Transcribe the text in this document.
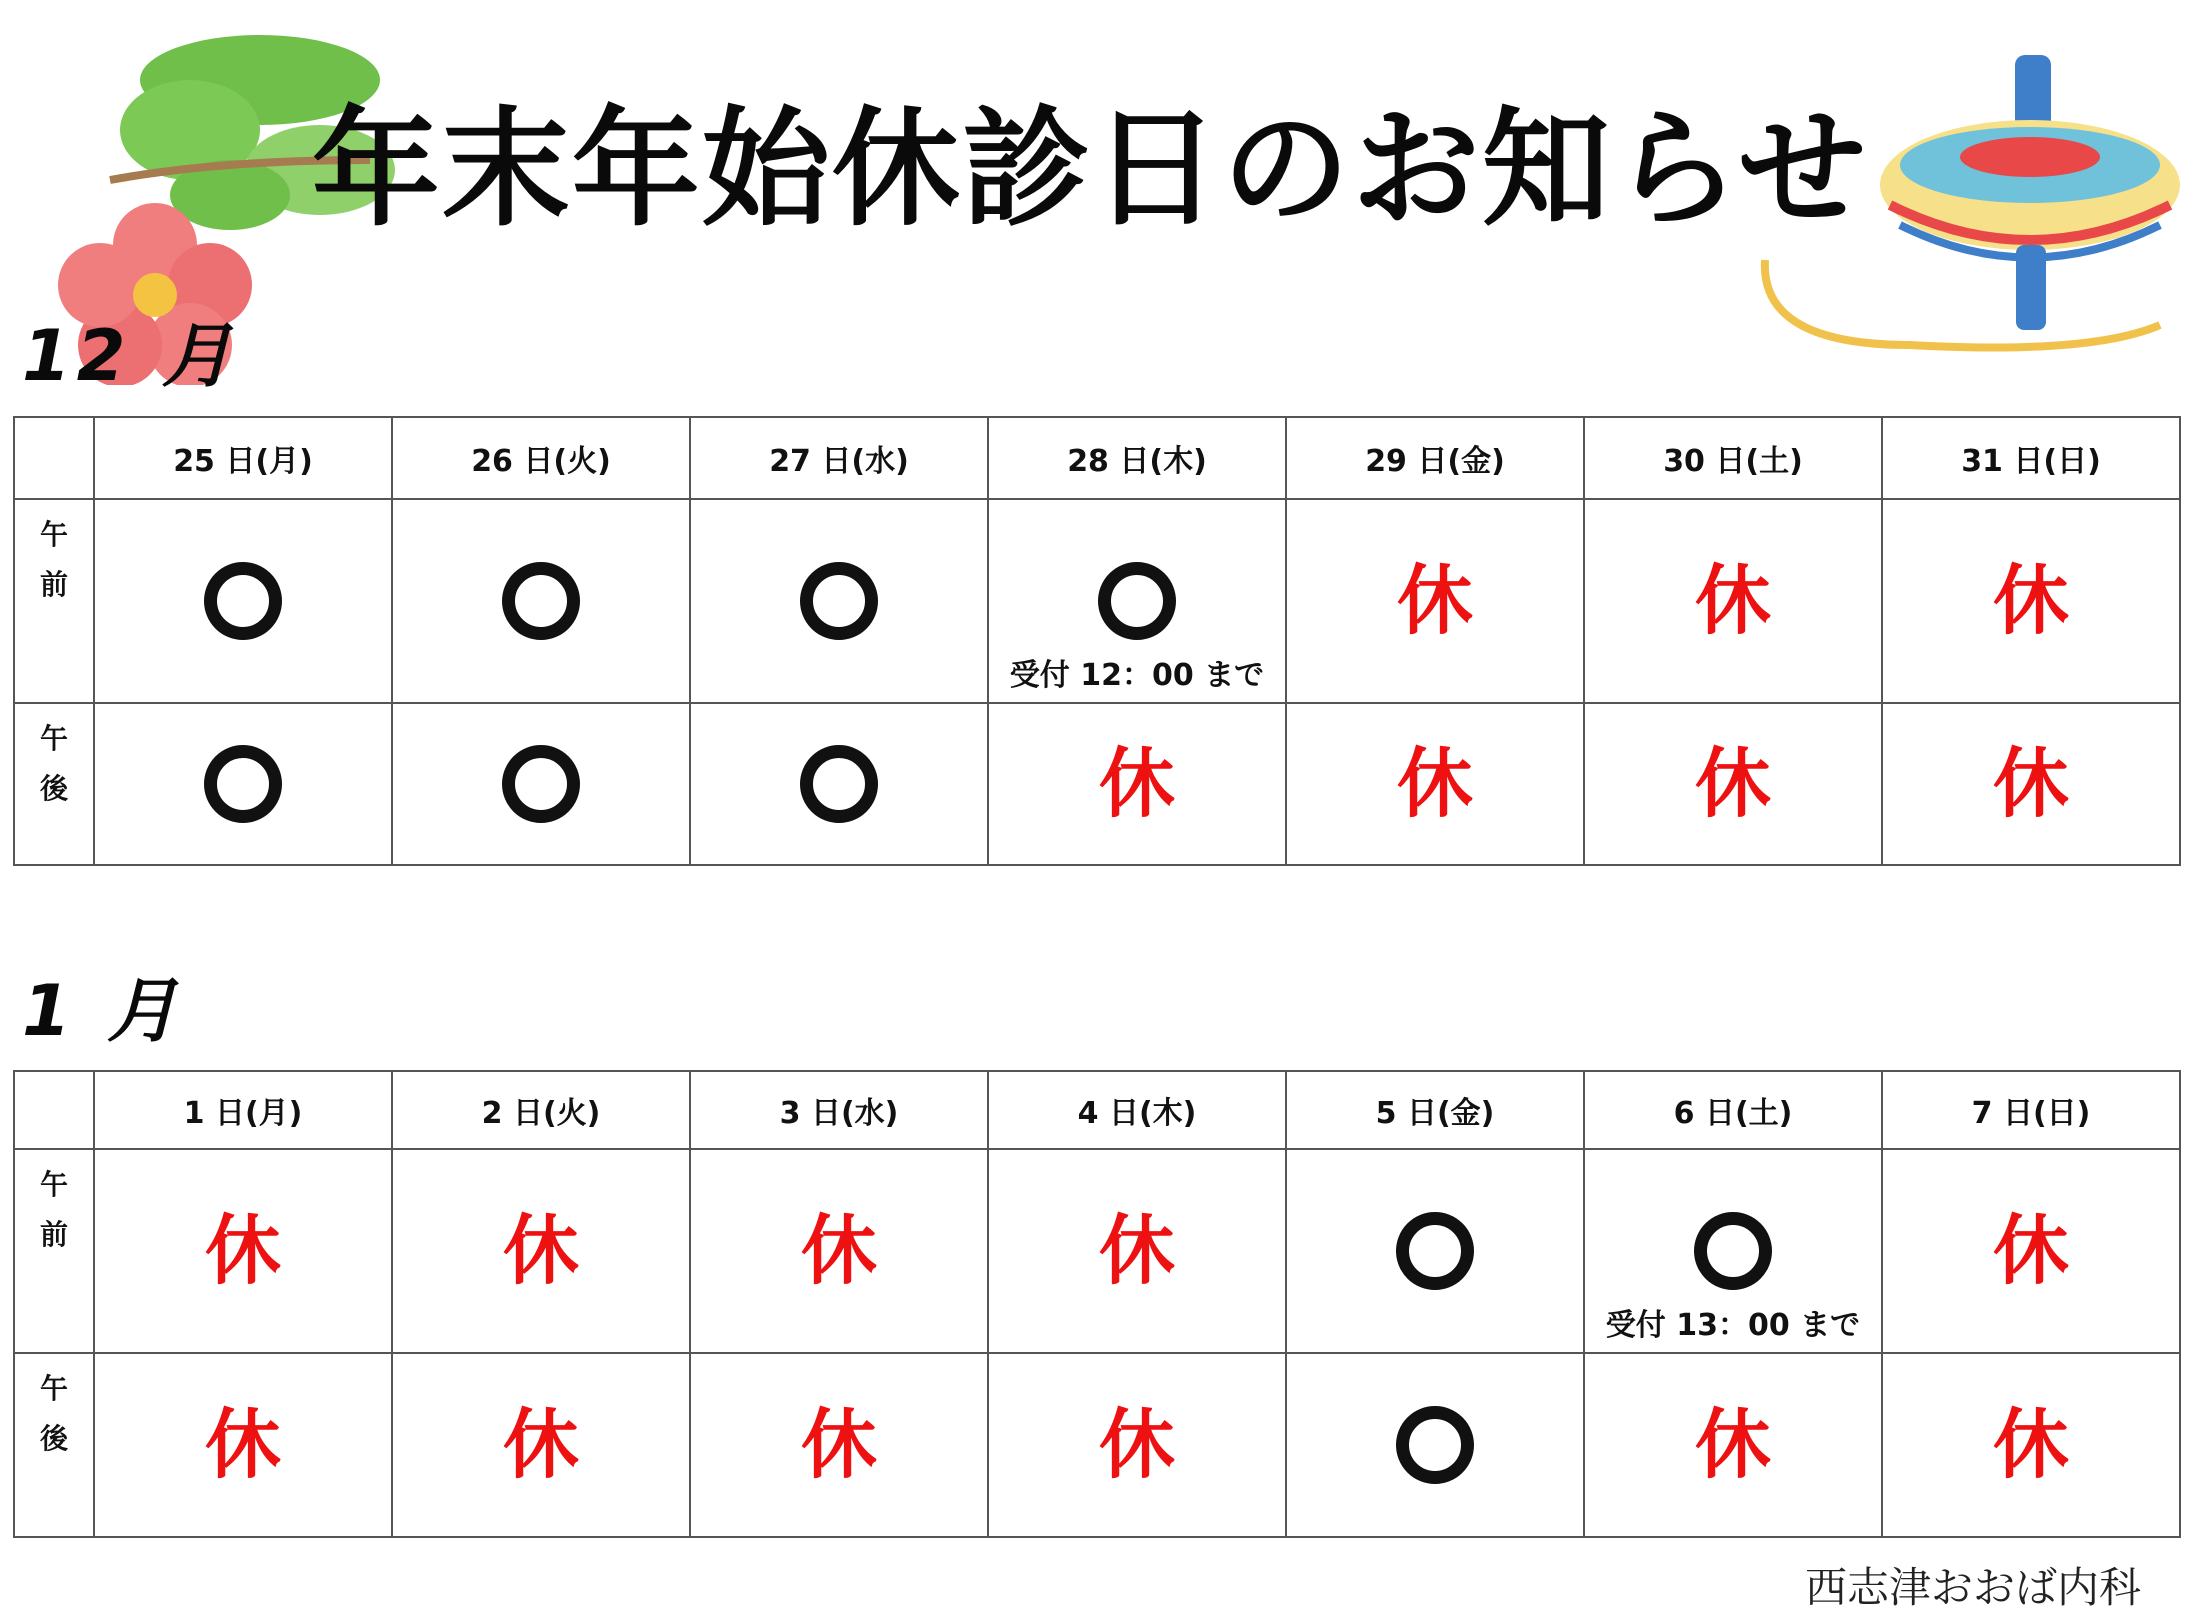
年末年始休診日のお知らせ
12 月
	25 日(月)	26 日(火)	27 日(水)	28 日(木)	29 日(金)	30 日(土)	31 日(日)
午
前				受付 12：00 まで	休	休	休
午
後				休	休	休	休
1 月
	1 日(月)	2 日(火)	3 日(水)	4 日(木)	5 日(金)	6 日(土)	7 日(日)
午
前	休	休	休	休		受付 13：00 まで	休
午
後	休	休	休	休		休	休
西志津おおば内科
